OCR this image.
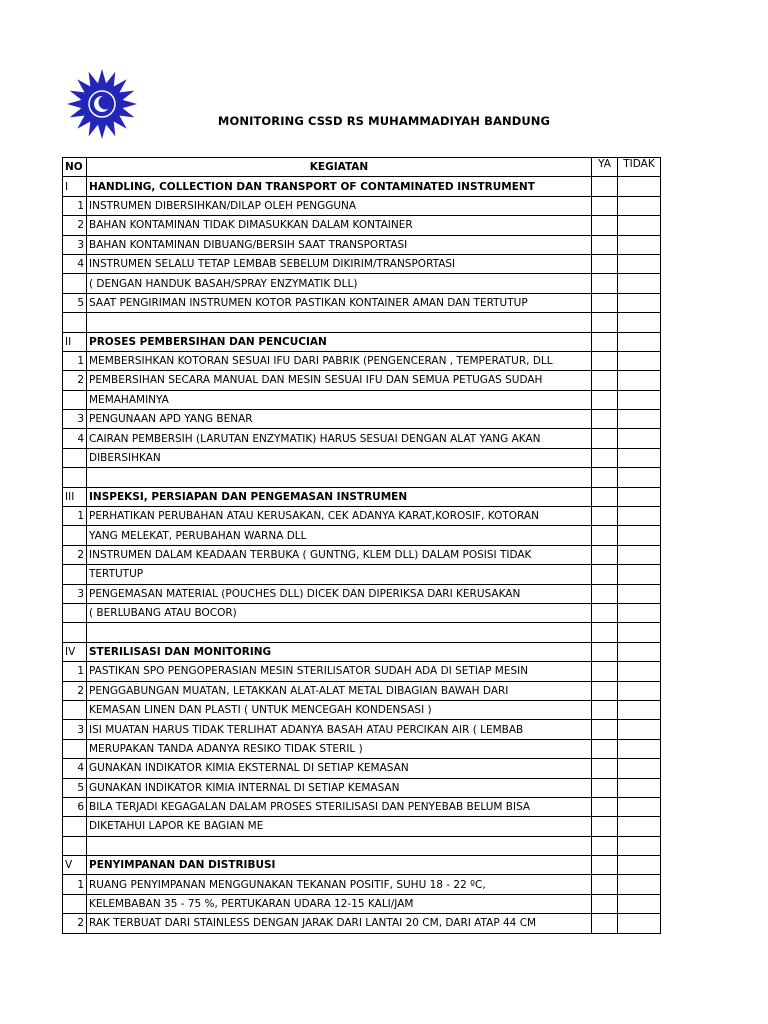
MONITORING CSSD RS MUHAMMADIYAH BANDUNG
NO	KEGIATAN	YA	TIDAK
I	HANDLING, COLLECTION DAN TRANSPORT OF CONTAMINATED INSTRUMENT		
1	INSTRUMEN DIBERSIHKAN/DILAP OLEH PENGGUNA		
2	BAHAN KONTAMINAN TIDAK DIMASUKKAN DALAM KONTAINER		
3	BAHAN KONTAMINAN DIBUANG/BERSIH SAAT TRANSPORTASI		
4	INSTRUMEN SELALU TETAP LEMBAB SEBELUM DIKIRIM/TRANSPORTASI		
	( DENGAN HANDUK BASAH/SPRAY ENZYMATIK DLL)		
5	SAAT PENGIRIMAN INSTRUMEN KOTOR PASTIKAN KONTAINER AMAN DAN TERTUTUP		

II	PROSES PEMBERSIHAN DAN PENCUCIAN		
1	MEMBERSIHKAN KOTORAN SESUAI IFU DARI PABRIK (PENGENCERAN , TEMPERATUR, DLL		
2	PEMBERSIHAN SECARA MANUAL DAN MESIN SESUAI IFU DAN SEMUA PETUGAS SUDAH		
	MEMAHAMINYA		
3	PENGUNAAN APD YANG BENAR		
4	CAIRAN PEMBERSIH (LARUTAN ENZYMATIK) HARUS SESUAI DENGAN ALAT YANG AKAN		
	DIBERSIHKAN		

III	INSPEKSI, PERSIAPAN DAN PENGEMASAN INSTRUMEN		
1	PERHATIKAN PERUBAHAN ATAU KERUSAKAN, CEK ADANYA KARAT,KOROSIF, KOTORAN		
	YANG MELEKAT, PERUBAHAN WARNA DLL		
2	INSTRUMEN DALAM KEADAAN TERBUKA ( GUNTNG, KLEM DLL) DALAM POSISI TIDAK		
	TERTUTUP		
3	PENGEMASAN MATERIAL (POUCHES DLL) DICEK DAN DIPERIKSA DARI KERUSAKAN		
	( BERLUBANG ATAU BOCOR)		

IV	STERILISASI DAN MONITORING		
1	PASTIKAN SPO PENGOPERASIAN MESIN STERILISATOR SUDAH ADA DI SETIAP MESIN		
2	PENGGABUNGAN MUATAN, LETAKKAN ALAT-ALAT METAL DIBAGIAN BAWAH DARI		
	KEMASAN LINEN DAN PLASTI ( UNTUK MENCEGAH KONDENSASI )		
3	ISI MUATAN HARUS TIDAK TERLIHAT ADANYA BASAH ATAU PERCIKAN AIR ( LEMBAB		
	MERUPAKAN TANDA ADANYA RESIKO TIDAK STERIL )		
4	GUNAKAN INDIKATOR KIMIA EKSTERNAL DI SETIAP KEMASAN		
5	GUNAKAN INDIKATOR KIMIA INTERNAL DI SETIAP KEMASAN		
6	BILA TERJADI KEGAGALAN DALAM PROSES STERILISASI DAN PENYEBAB BELUM BISA		
	DIKETAHUI LAPOR KE BAGIAN ME		

V	PENYIMPANAN DAN DISTRIBUSI		
1	RUANG PENYIMPANAN MENGGUNAKAN TEKANAN POSITIF, SUHU 18 - 22 ºC,		
	KELEMBABAN 35 - 75 %, PERTUKARAN UDARA 12-15 KALI/JAM		
2	RAK TERBUAT DARI STAINLESS DENGAN JARAK DARI LANTAI 20 CM, DARI ATAP 44 CM		
